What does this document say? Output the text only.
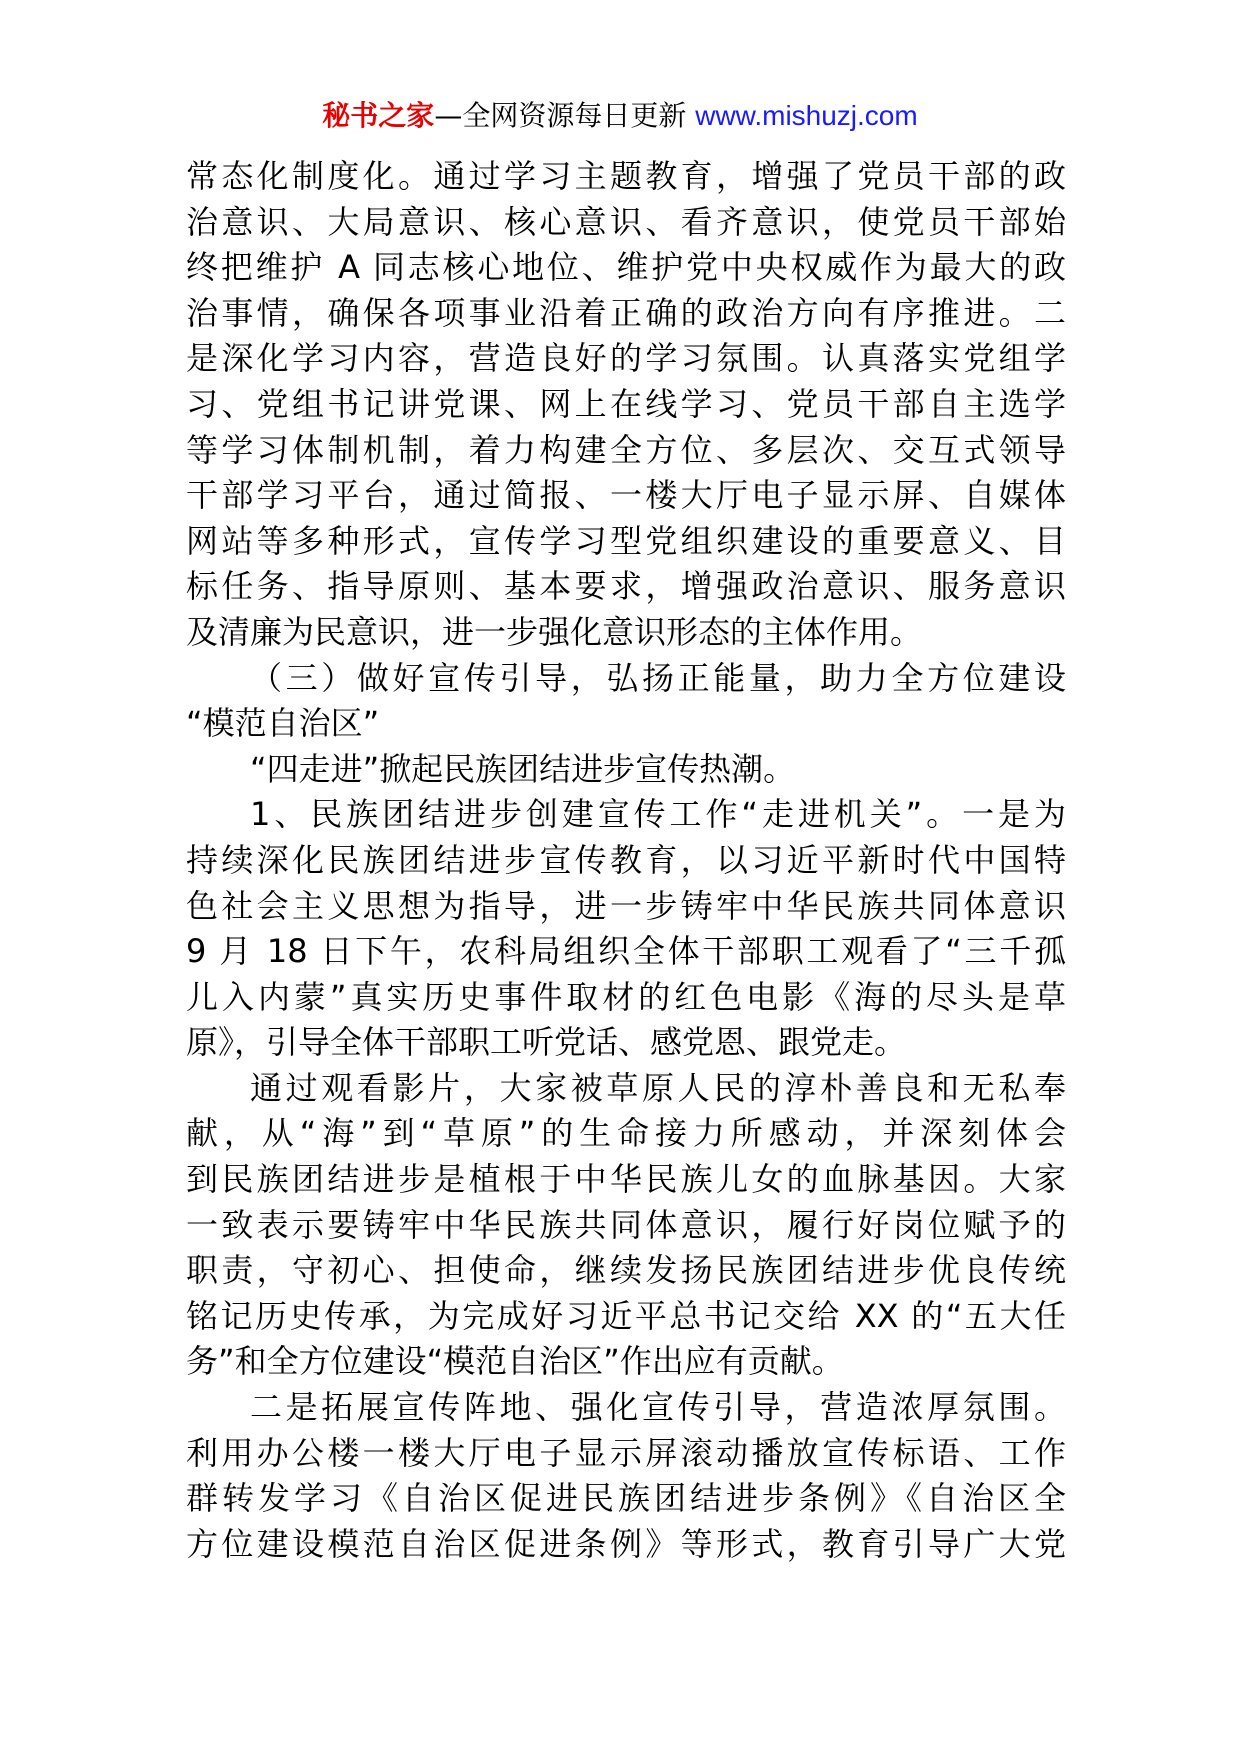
秘书之家—全网资源每日更新 www.mishuzj.com
常态化制度化。通过学习主题教育，增强了党员干部的政
治意识、大局意识、核心意识、看齐意识，使党员干部始
终把维护 A 同志核心地位、维护党中央权威作为最大的政
治事情，确保各项事业沿着正确的政治方向有序推进。二
是深化学习内容，营造良好的学习氛围。认真落实党组学
习、党组书记讲党课、网上在线学习、党员干部自主选学
等学习体制机制，着力构建全方位、多层次、交互式领导
干部学习平台，通过简报、一楼大厅电子显示屏、自媒体
网站等多种形式，宣传学习型党组织建设的重要意义、目
标任务、指导原则、基本要求，增强政治意识、服务意识
及清廉为民意识，进一步强化意识形态的主体作用。
（三）做好宣传引导，弘扬正能量，助力全方位建设
“模范自治区”
“四走进”掀起民族团结进步宣传热潮。
1、民族团结进步创建宣传工作“走进机关”。一是为
持续深化民族团结进步宣传教育，以习近平新时代中国特
色社会主义思想为指导，进一步铸牢中华民族共同体意识
9 月 18 日下午，农科局组织全体干部职工观看了“三千孤
儿入内蒙”真实历史事件取材的红色电影《海的尽头是草
原》，引导全体干部职工听党话、感党恩、跟党走。
通过观看影片，大家被草原人民的淳朴善良和无私奉
献，从“海”到“草原”的生命接力所感动，并深刻体会
到民族团结进步是植根于中华民族儿女的血脉基因。大家
一致表示要铸牢中华民族共同体意识，履行好岗位赋予的
职责，守初心、担使命，继续发扬民族团结进步优良传统
铭记历史传承，为完成好习近平总书记交给 XX 的“五大任
务”和全方位建设“模范自治区”作出应有贡献。
二是拓展宣传阵地、强化宣传引导，营造浓厚氛围。
利用办公楼一楼大厅电子显示屏滚动播放宣传标语、工作
群转发学习《自治区促进民族团结进步条例》《自治区全
方位建设模范自治区促进条例》等形式，教育引导广大党
